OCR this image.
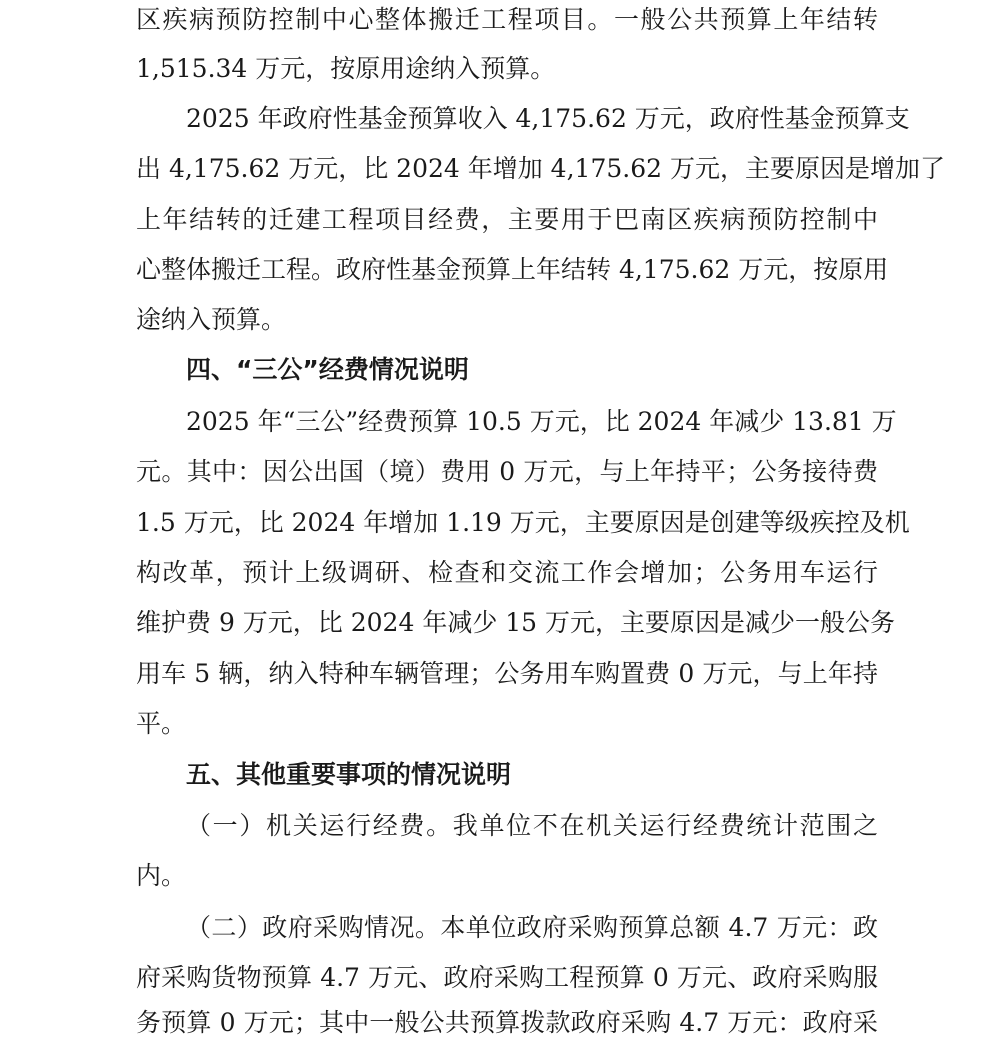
区疾病预防控制中心整体搬迁工程项目。一般公共预算上年结转
1,515.34 万元，按原用途纳入预算。
2025 年政府性基金预算收入 4,175.62 万元，政府性基金预算支
出 4,175.62 万元，比 2024 年增加 4,175.62 万元，主要原因是增加了
上年结转的迁建工程项目经费，主要用于巴南区疾病预防控制中
心整体搬迁工程。政府性基金预算上年结转 4,175.62 万元，按原用
途纳入预算。
四、“三公”经费情况说明
2025 年“三公”经费预算 10.5 万元，比 2024 年减少 13.81 万
元。其中：因公出国（境）费用 0 万元，与上年持平；公务接待费
1.5 万元，比 2024 年增加 1.19 万元，主要原因是创建等级疾控及机
构改革，预计上级调研、检查和交流工作会增加；公务用车运行
维护费 9 万元，比 2024 年减少 15 万元，主要原因是减少一般公务
用车 5 辆，纳入特种车辆管理；公务用车购置费 0 万元，与上年持
平。
五、其他重要事项的情况说明
（一）机关运行经费。我单位不在机关运行经费统计范围之
内。
（二）政府采购情况。本单位政府采购预算总额 4.7 万元：政
府采购货物预算 4.7 万元、政府采购工程预算 0 万元、政府采购服
务预算 0 万元；其中一般公共预算拨款政府采购 4.7 万元：政府采
